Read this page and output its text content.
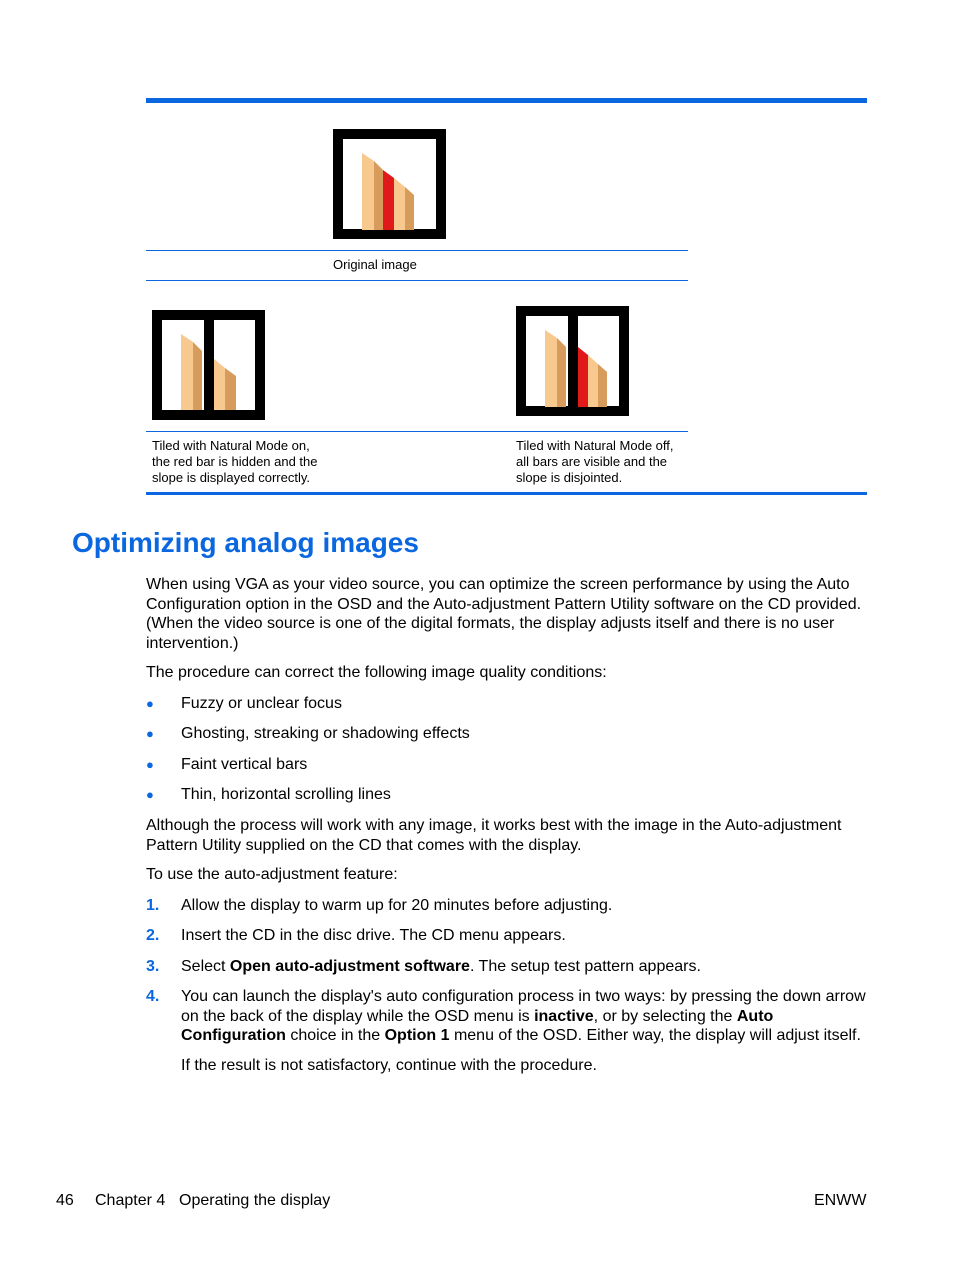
Original image
Tiled with Natural Mode on,
the red bar is hidden and the
slope is displayed correctly.
Tiled with Natural Mode off,
all bars are visible and the
slope is disjointed.
Optimizing analog images

When using VGA as your video source, you can optimize the screen performance by using the Auto Configuration option in the OSD and the Auto-adjustment Pattern Utility software on the CD provided. (When the video source is one of the digital formats, the display adjusts itself and there is no user intervention.)

The procedure can correct the following image quality conditions:

● Fuzzy or unclear focus
● Ghosting, streaking or shadowing effects
● Faint vertical bars
● Thin, horizontal scrolling lines

Although the process will work with any image, it works best with the image in the Auto-adjustment Pattern Utility supplied on the CD that comes with the display.

To use the auto-adjustment feature:

1. Allow the display to warm up for 20 minutes before adjusting.
2. Insert the CD in the disc drive. The CD menu appears.
3. Select Open auto-adjustment software. The setup test pattern appears.
4. You can launch the display's auto configuration process in two ways: by pressing the down arrow on the back of the display while the OSD menu is inactive, or by selecting the Auto Configuration choice in the Option 1 menu of the OSD. Either way, the display will adjust itself.
If the result is not satisfactory, continue with the procedure.
46 Chapter 4 Operating the display	ENWW
